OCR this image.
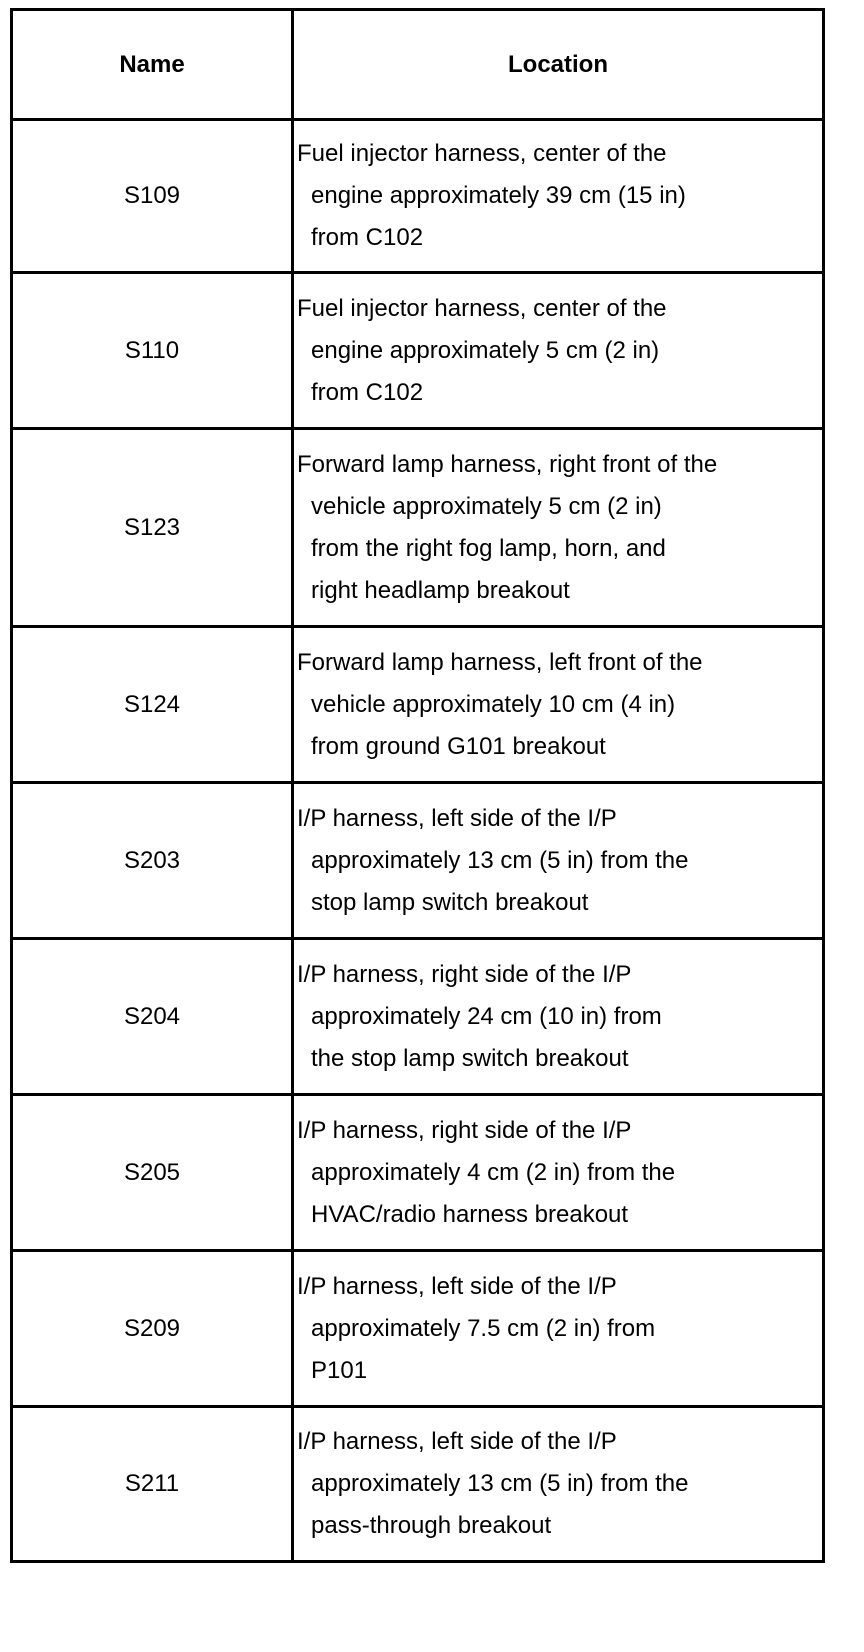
Name	Location
S109
Fuel injector harness, center of the
engine approximately 39 cm (15 in)
from C102
S110
Fuel injector harness, center of the
engine approximately 5 cm (2 in)
from C102
S123
Forward lamp harness, right front of the
vehicle approximately 5 cm (2 in)
from the right fog lamp, horn, and
right headlamp breakout
S124
Forward lamp harness, left front of the
vehicle approximately 10 cm (4 in)
from ground G101 breakout
S203
I/P harness, left side of the I/P
approximately 13 cm (5 in) from the
stop lamp switch breakout
S204
I/P harness, right side of the I/P
approximately 24 cm (10 in) from
the stop lamp switch breakout
S205
I/P harness, right side of the I/P
approximately 4 cm (2 in) from the
HVAC/radio harness breakout
S209
I/P harness, left side of the I/P
approximately 7.5 cm (2 in) from
P101
S211
I/P harness, left side of the I/P
approximately 13 cm (5 in) from the
pass-through breakout
